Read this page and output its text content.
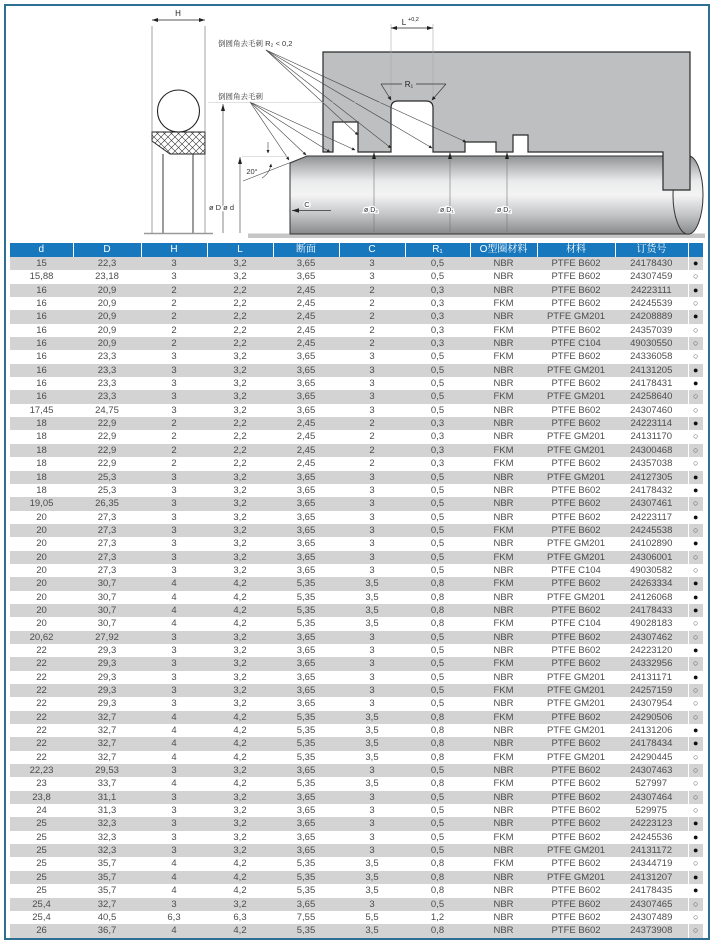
H
L +0,2
R₁
倒圆角去毛刺 R₂ < 0,2
倒圆角去毛刺
20°
ø D ø d	C
ø D₂	ø D₁	ø D₂
d	D	H	L	断面	C	R₁	O型圈材料	材料	订货号	
15	22,3	3	3,2	3,65	3	0,5	NBR	PTFE B602	24178430	●
15,88	23,18	3	3,2	3,65	3	0,5	NBR	PTFE B602	24307459	○
16	20,9	2	2,2	2,45	2	0,3	NBR	PTFE B602	24223111	●
16	20,9	2	2,2	2,45	2	0,3	FKM	PTFE B602	24245539	○
16	20,9	2	2,2	2,45	2	0,3	NBR	PTFE GM201	24208889	●
16	20,9	2	2,2	2,45	2	0,3	FKM	PTFE B602	24357039	○
16	20,9	2	2,2	2,45	2	0,3	NBR	PTFE C104	49030550	○
16	23,3	3	3,2	3,65	3	0,5	FKM	PTFE B602	24336058	○
16	23,3	3	3,2	3,65	3	0,5	NBR	PTFE GM201	24131205	●
16	23,3	3	3,2	3,65	3	0,5	NBR	PTFE B602	24178431	●
16	23,3	3	3,2	3,65	3	0,5	FKM	PTFE GM201	24258640	○
17,45	24,75	3	3,2	3,65	3	0,5	NBR	PTFE B602	24307460	○
18	22,9	2	2,2	2,45	2	0,3	NBR	PTFE B602	24223114	●
18	22,9	2	2,2	2,45	2	0,3	NBR	PTFE GM201	24131170	○
18	22,9	2	2,2	2,45	2	0,3	FKM	PTFE GM201	24300468	○
18	22,9	2	2,2	2,45	2	0,3	FKM	PTFE B602	24357038	○
18	25,3	3	3,2	3,65	3	0,5	NBR	PTFE GM201	24127305	●
18	25,3	3	3,2	3,65	3	0,5	NBR	PTFE B602	24178432	●
19,05	26,35	3	3,2	3,65	3	0,5	NBR	PTFE B602	24307461	○
20	27,3	3	3,2	3,65	3	0,5	NBR	PTFE B602	24223117	●
20	27,3	3	3,2	3,65	3	0,5	FKM	PTFE B602	24245538	○
20	27,3	3	3,2	3,65	3	0,5	NBR	PTFE GM201	24102890	●
20	27,3	3	3,2	3,65	3	0,5	FKM	PTFE GM201	24306001	○
20	27,3	3	3,2	3,65	3	0,5	NBR	PTFE C104	49030582	○
20	30,7	4	4,2	5,35	3,5	0,8	FKM	PTFE B602	24263334	●
20	30,7	4	4,2	5,35	3,5	0,8	NBR	PTFE GM201	24126068	●
20	30,7	4	4,2	5,35	3,5	0,8	NBR	PTFE B602	24178433	●
20	30,7	4	4,2	5,35	3,5	0,8	FKM	PTFE C104	49028183	○
20,62	27,92	3	3,2	3,65	3	0,5	NBR	PTFE B602	24307462	○
22	29,3	3	3,2	3,65	3	0,5	NBR	PTFE B602	24223120	●
22	29,3	3	3,2	3,65	3	0,5	FKM	PTFE B602	24332956	○
22	29,3	3	3,2	3,65	3	0,5	NBR	PTFE GM201	24131171	●
22	29,3	3	3,2	3,65	3	0,5	FKM	PTFE GM201	24257159	○
22	29,3	3	3,2	3,65	3	0,5	NBR	PTFE GM201	24307954	○
22	32,7	4	4,2	5,35	3,5	0,8	FKM	PTFE B602	24290506	○
22	32,7	4	4,2	5,35	3,5	0,8	NBR	PTFE GM201	24131206	●
22	32,7	4	4,2	5,35	3,5	0,8	NBR	PTFE B602	24178434	●
22	32,7	4	4,2	5,35	3,5	0,8	FKM	PTFE GM201	24290445	○
22,23	29,53	3	3,2	3,65	3	0,5	NBR	PTFE B602	24307463	○
23	33,7	4	4,2	5,35	3,5	0,8	FKM	PTFE B602	527997	○
23,8	31,1	3	3,2	3,65	3	0,5	NBR	PTFE B602	24307464	○
24	31,3	3	3,2	3,65	3	0,5	NBR	PTFE B602	529975	○
25	32,3	3	3,2	3,65	3	0,5	NBR	PTFE B602	24223123	●
25	32,3	3	3,2	3,65	3	0,5	FKM	PTFE B602	24245536	●
25	32,3	3	3,2	3,65	3	0,5	NBR	PTFE GM201	24131172	●
25	35,7	4	4,2	5,35	3,5	0,8	FKM	PTFE B602	24344719	○
25	35,7	4	4,2	5,35	3,5	0,8	NBR	PTFE GM201	24131207	●
25	35,7	4	4,2	5,35	3,5	0,8	NBR	PTFE B602	24178435	●
25,4	32,7	3	3,2	3,65	3	0,5	NBR	PTFE B602	24307465	○
25,4	40,5	6,3	6,3	7,55	5,5	1,2	NBR	PTFE B602	24307489	○
26	36,7	4	4,2	5,35	3,5	0,8	NBR	PTFE B602	24373908	○
